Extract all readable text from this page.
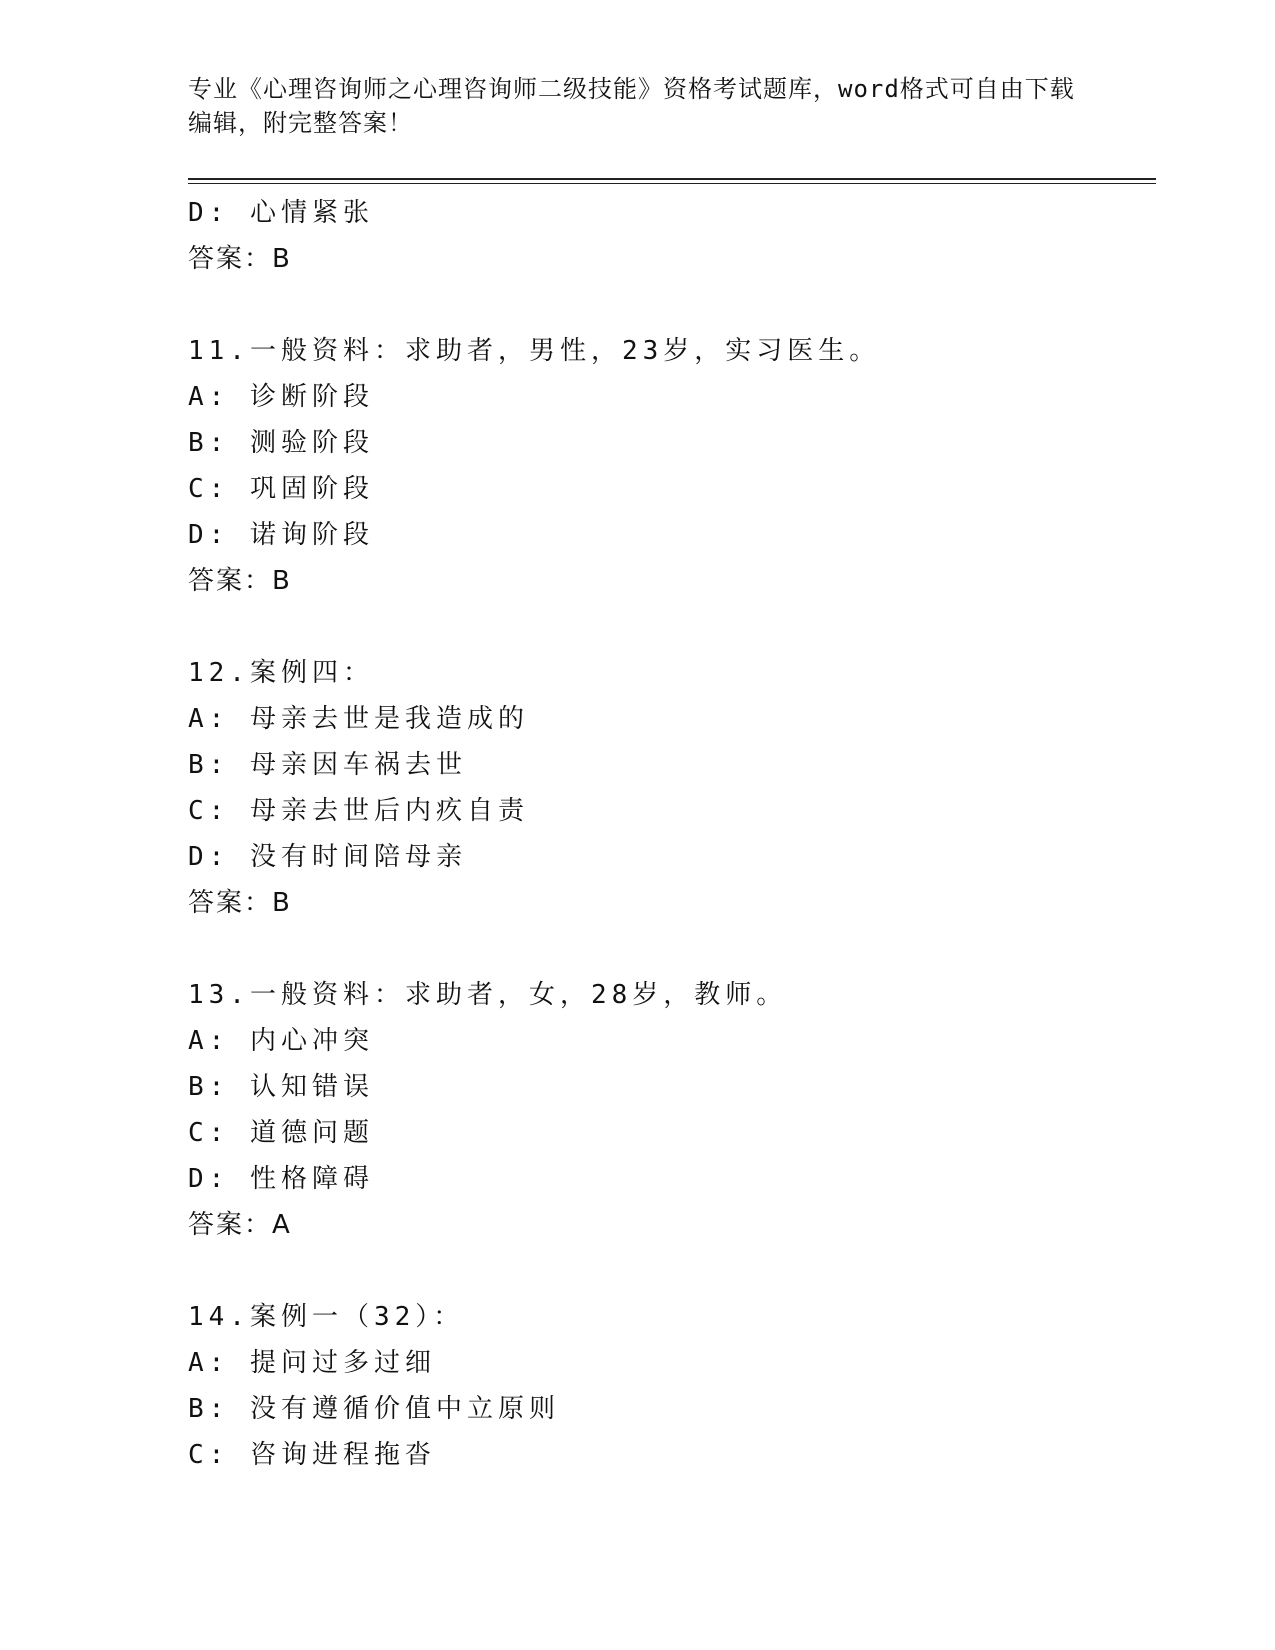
专业《心理咨询师之心理咨询师二级技能》资格考试题库，word格式可自由下载
编辑，附完整答案！
D: 心情紧张
答案：B
11.一般资料：求助者，男性，23岁，实习医生。
A: 诊断阶段
B: 测验阶段
C: 巩固阶段
D: 诺询阶段
答案：B
12.案例四：
A: 母亲去世是我造成的
B: 母亲因车祸去世
C: 母亲去世后内疚自责
D: 没有时间陪母亲
答案：B
13.一般资料：求助者，女，28岁，教师。
A: 内心冲突
B: 认知错误
C: 道德问题
D: 性格障碍
答案：A
14.案例一（32）：
A: 提问过多过细
B: 没有遵循价值中立原则
C: 咨询进程拖沓
